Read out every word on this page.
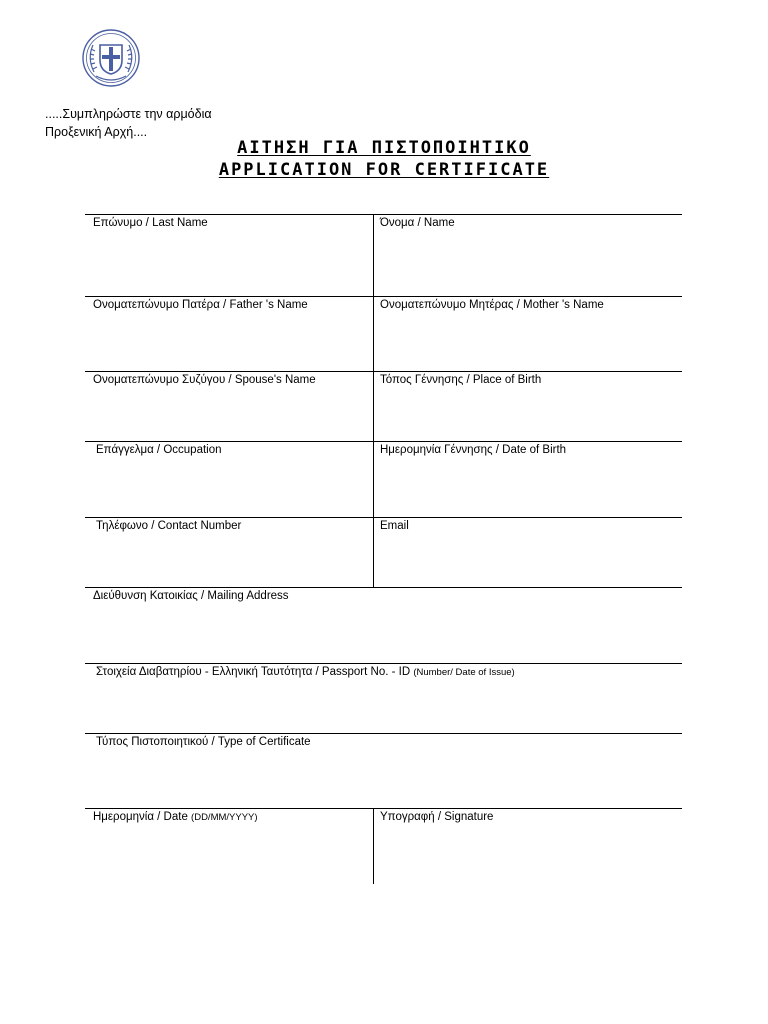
.....Συμπληρώστε την αρμόδια
Προξενική Αρχή....
ΑΙΤΗΣΗ ΓΙΑ ΠΙΣΤΟΠΟΙΗΤΙΚΟ
APPLICATION FOR CERTIFICATE
Επώνυμο / Last Name	Όνομα / Name
Ονοματεπώνυμο Πατέρα / Father 's Name	Ονοματεπώνυμο Μητέρας / Mother 's Name
Ονοματεπώνυμο Συζύγου / Spouse's Name	Τόπος Γέννησης / Place of Birth
Επάγγελμα / Occupation	Ημερομηνία Γέννησης / Date of Birth
Τηλέφωνο / Contact Number	Email
Διεύθυνση Κατοικίας / Mailing Address
Στοιχεία Διαβατηρίου - Ελληνική Ταυτότητα / Passport No. - ID (Number/ Date of Issue)
Τύπος Πιστοποιητικού / Type of Certificate
Ημερομηνία / Date (DD/MM/YYYY)	Υπογραφή / Signature
